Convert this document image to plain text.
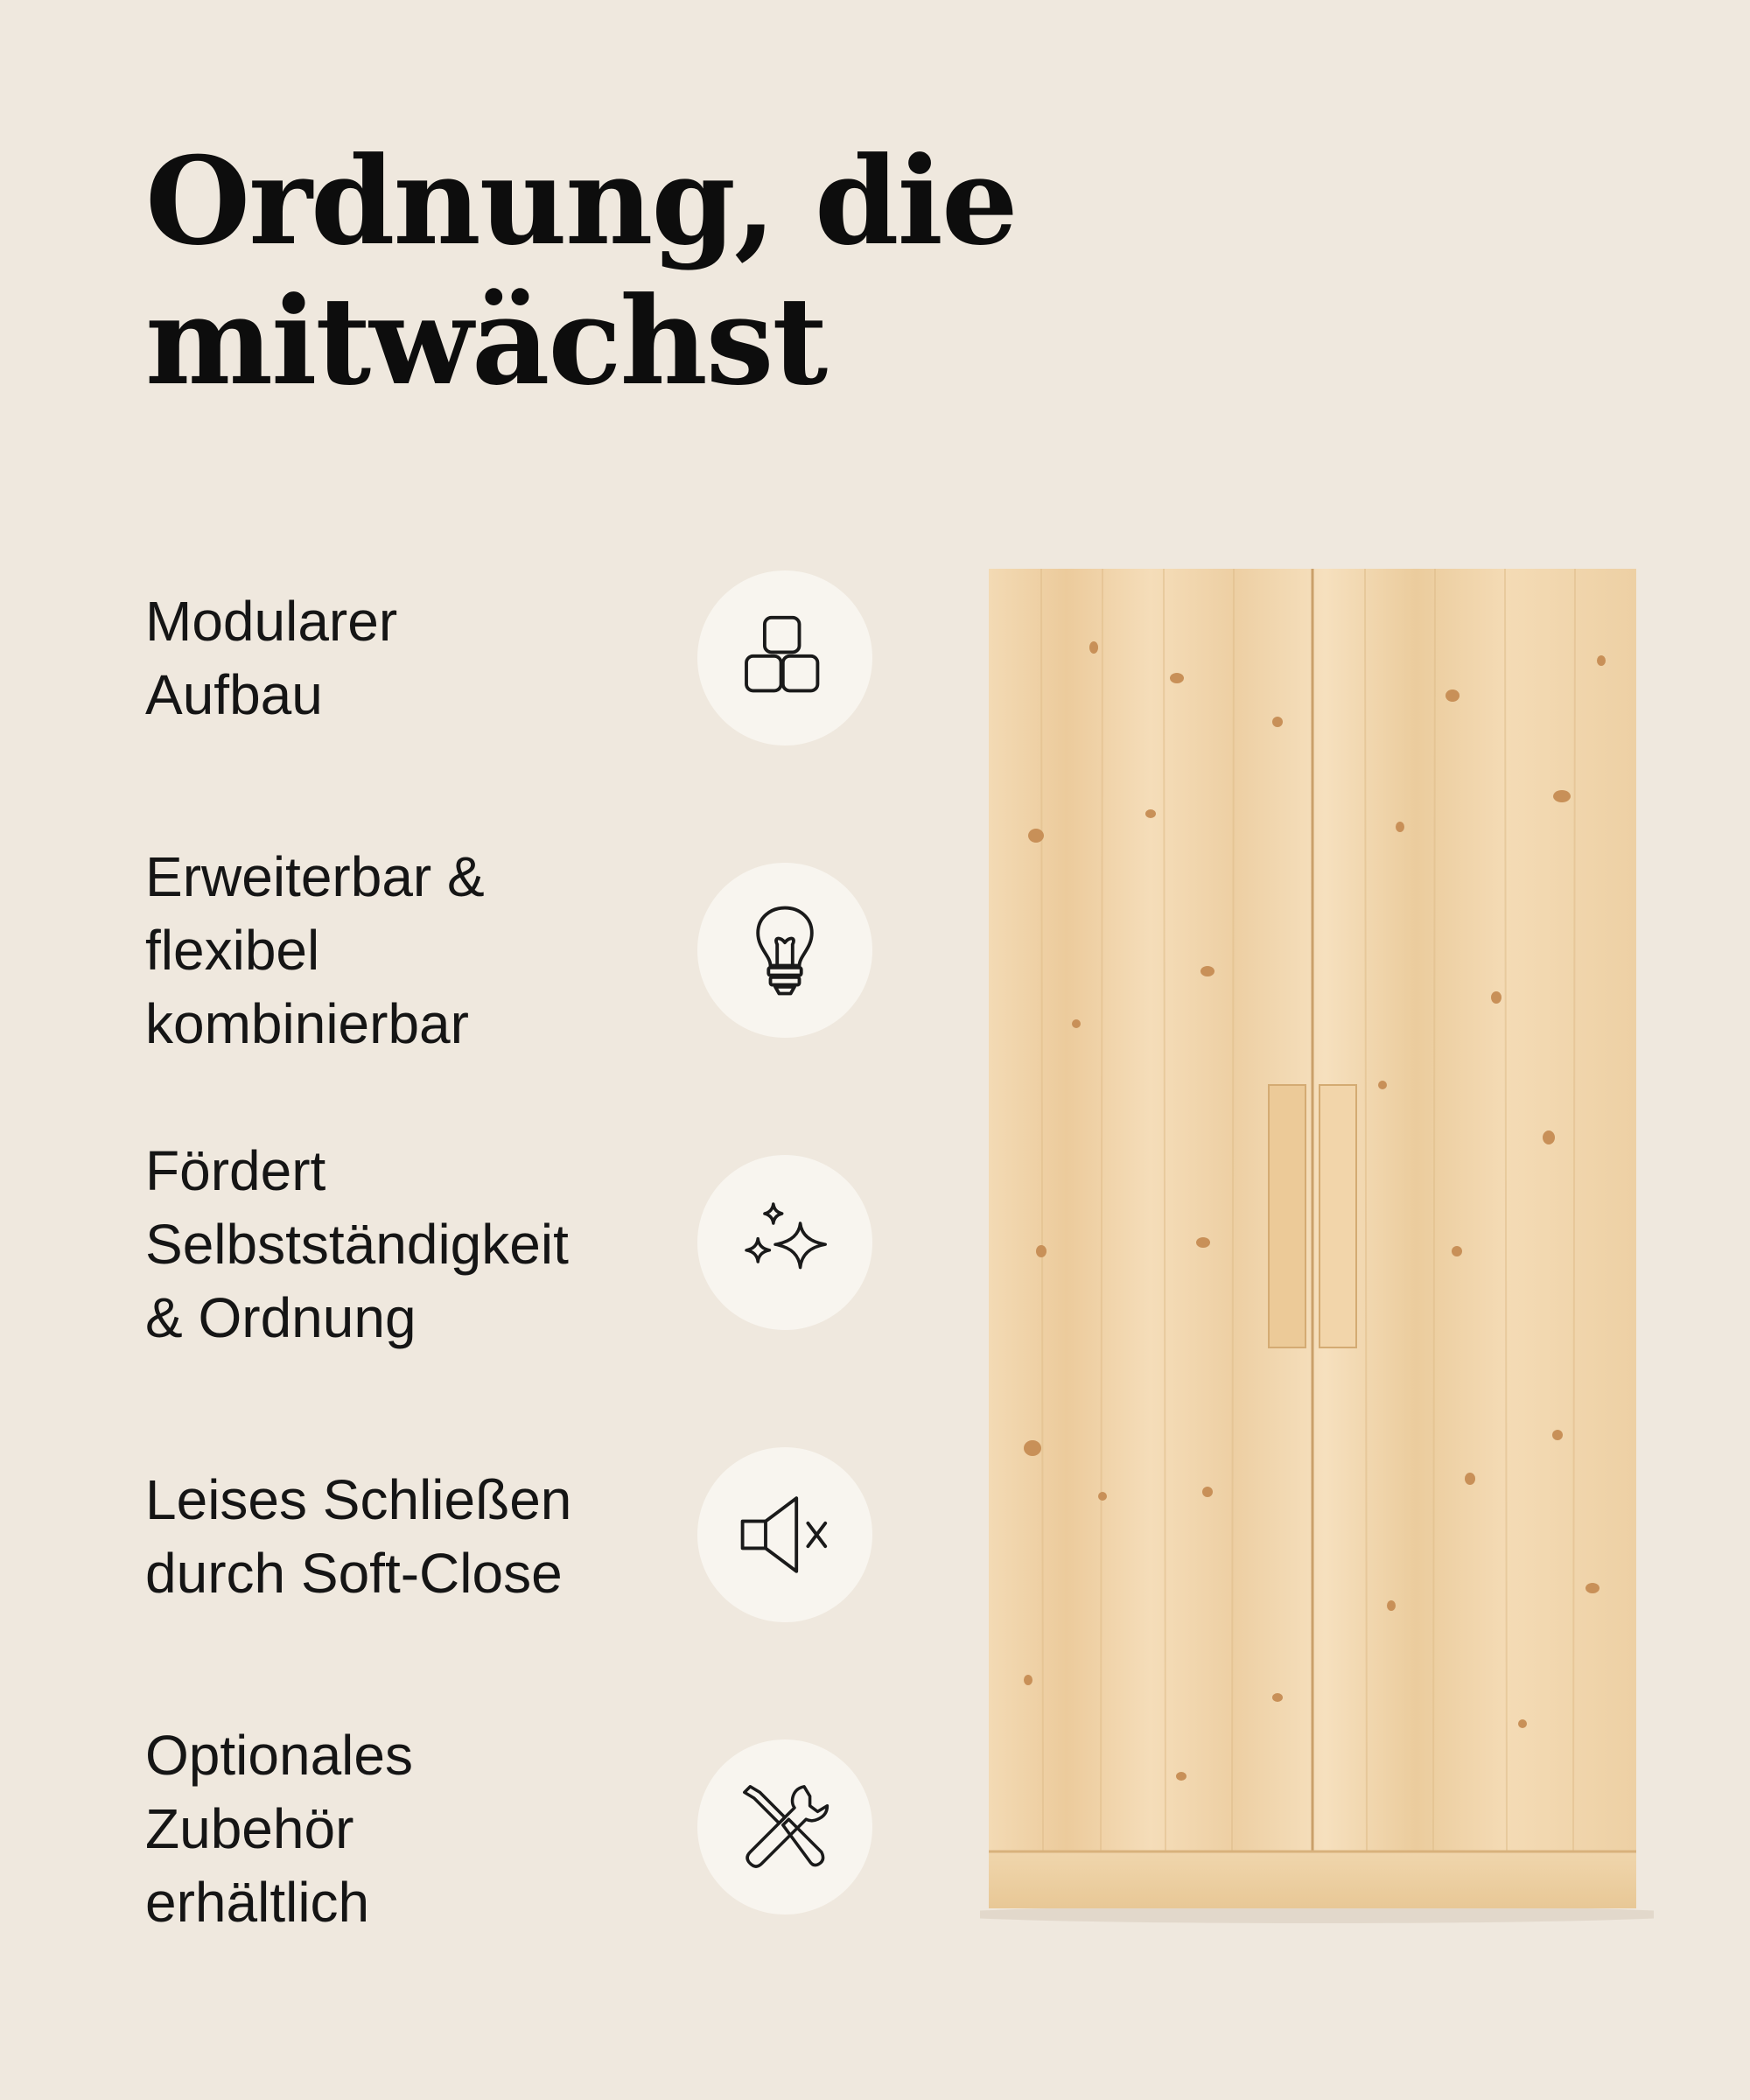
Ordnung, die
mitwächst
Modularer
Aufbau
Erweiterbar &
flexibel
kombinierbar
Fördert
Selbstständigkeit
& Ordnung
Leises Schließen
durch Soft-Close
Optionales
Zubehör
erhältlich
